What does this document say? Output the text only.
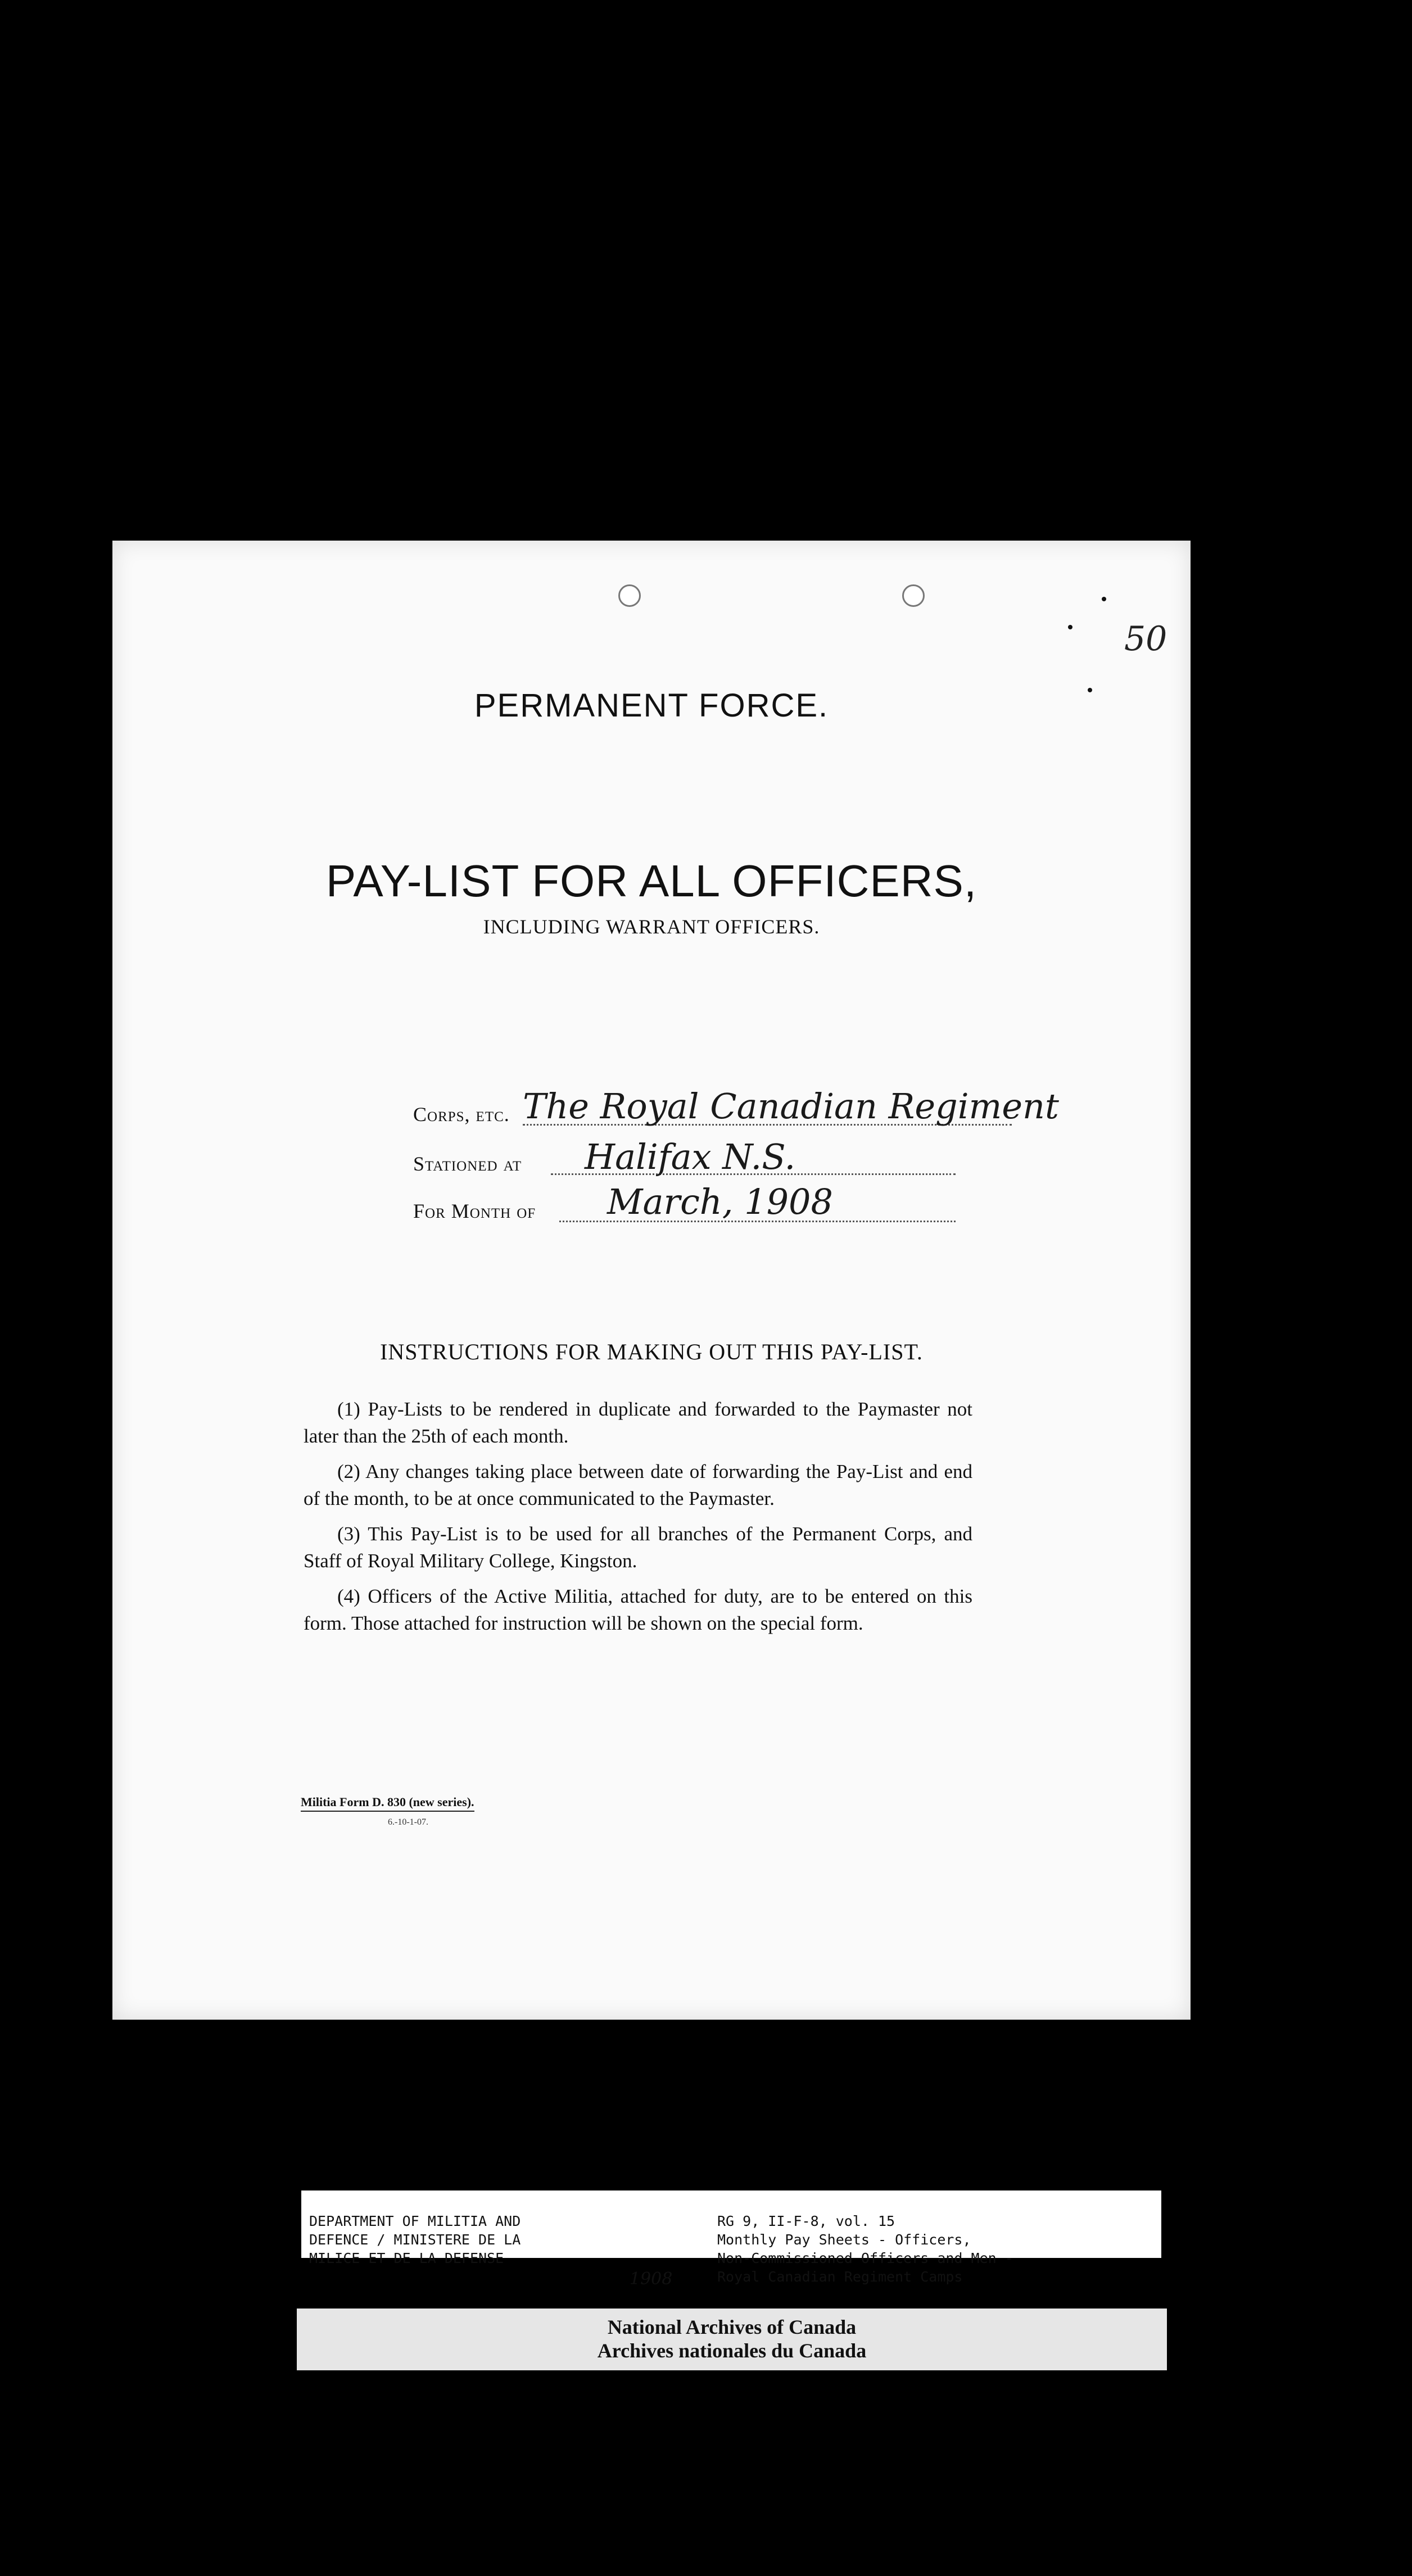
50
PERMANENT FORCE.
PAY-LIST FOR ALL OFFICERS,
INCLUDING WARRANT OFFICERS.
Corps, etc. The Royal Canadian Regiment
Stationed at Halifax N.S.
For Month of March, 1908
INSTRUCTIONS FOR MAKING OUT THIS PAY-LIST.

(1) Pay-Lists to be rendered in duplicate and forwarded to the Paymaster not later than the 25th of each month.

(2) Any changes taking place between date of forwarding the Pay-List and end of the month, to be at once communicated to the Paymaster.

(3) This Pay-List is to be used for all branches of the Permanent Corps, and Staff of Royal Military College, Kingston.

(4) Officers of the Active Militia, attached for duty, are to be entered on this form. Those attached for instruction will be shown on the special form.

Militia Form D. 830 (new series).
6.-10-1-07.
DEPARTMENT OF MILITIA AND
DEFENCE / MINISTERE DE LA
MILICE ET DE LA DEFENSE
RG 9, II-F-8, vol. 15
Monthly Pay Sheets - Officers,
Non-Commissioned Officers and Men -
Royal Canadian Regiment Camps
1908
National Archives of Canada
Archives nationales du Canada
